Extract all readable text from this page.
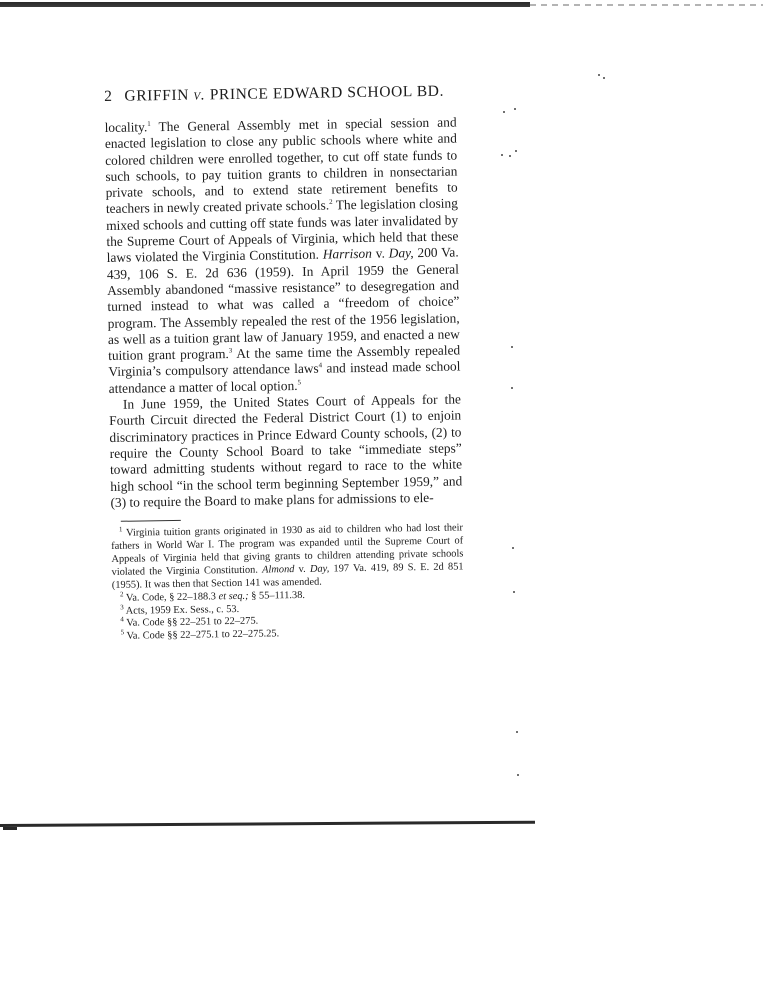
2 GRIFFIN v. PRINCE EDWARD SCHOOL BD.

locality.$^1$ The General Assembly met in special session and enacted legislation to close any public schools where white and colored children were enrolled together, to cut off state funds to such schools, to pay tuition grants to children in nonsectarian private schools, and to extend state retirement benefits to teachers in newly created private schools.$^2$ The legislation closing mixed schools and cutting off state funds was later invalidated by the Supreme Court of Appeals of Virginia, which held that these laws violated the Virginia Constitution. Harrison v. Day, 200 Va. 439, 106 S. E. 2d 636 (1959). In April 1959 the General Assembly abandoned “massive resistance” to desegregation and turned instead to what was called a “freedom of choice” program. The Assembly repealed the rest of the 1956 legislation, as well as a tuition grant law of January 1959, and enacted a new tuition grant program.$^3$ At the same time the Assembly repealed Virginia’s compulsory attendance laws$^4$ and instead made school attendance a matter of local option.$^5$

In June 1959, the United States Court of Appeals for the Fourth Circuit directed the Federal District Court (1) to enjoin discriminatory practices in Prince Edward County schools, (2) to require the County School Board to take “immediate steps” toward admitting students without regard to race to the white high school “in the school term beginning September 1959,” and (3) to require the Board to make plans for admissions to ele-

$^1$ Virginia tuition grants originated in 1930 as aid to children who had lost their fathers in World War I. The program was expanded until the Supreme Court of Appeals of Virginia held that giving grants to children attending private schools violated the Virginia Constitution. Almond v. Day, 197 Va. 419, 89 S. E. 2d 851 (1955). It was then that Section 141 was amended.

$^2$ Va. Code, § 22–188.3 et seq.; § 55–111.38.

$^3$ Acts, 1959 Ex. Sess., c. 53.

$^4$ Va. Code §§ 22–251 to 22–275.

$^5$ Va. Code §§ 22–275.1 to 22–275.25.
